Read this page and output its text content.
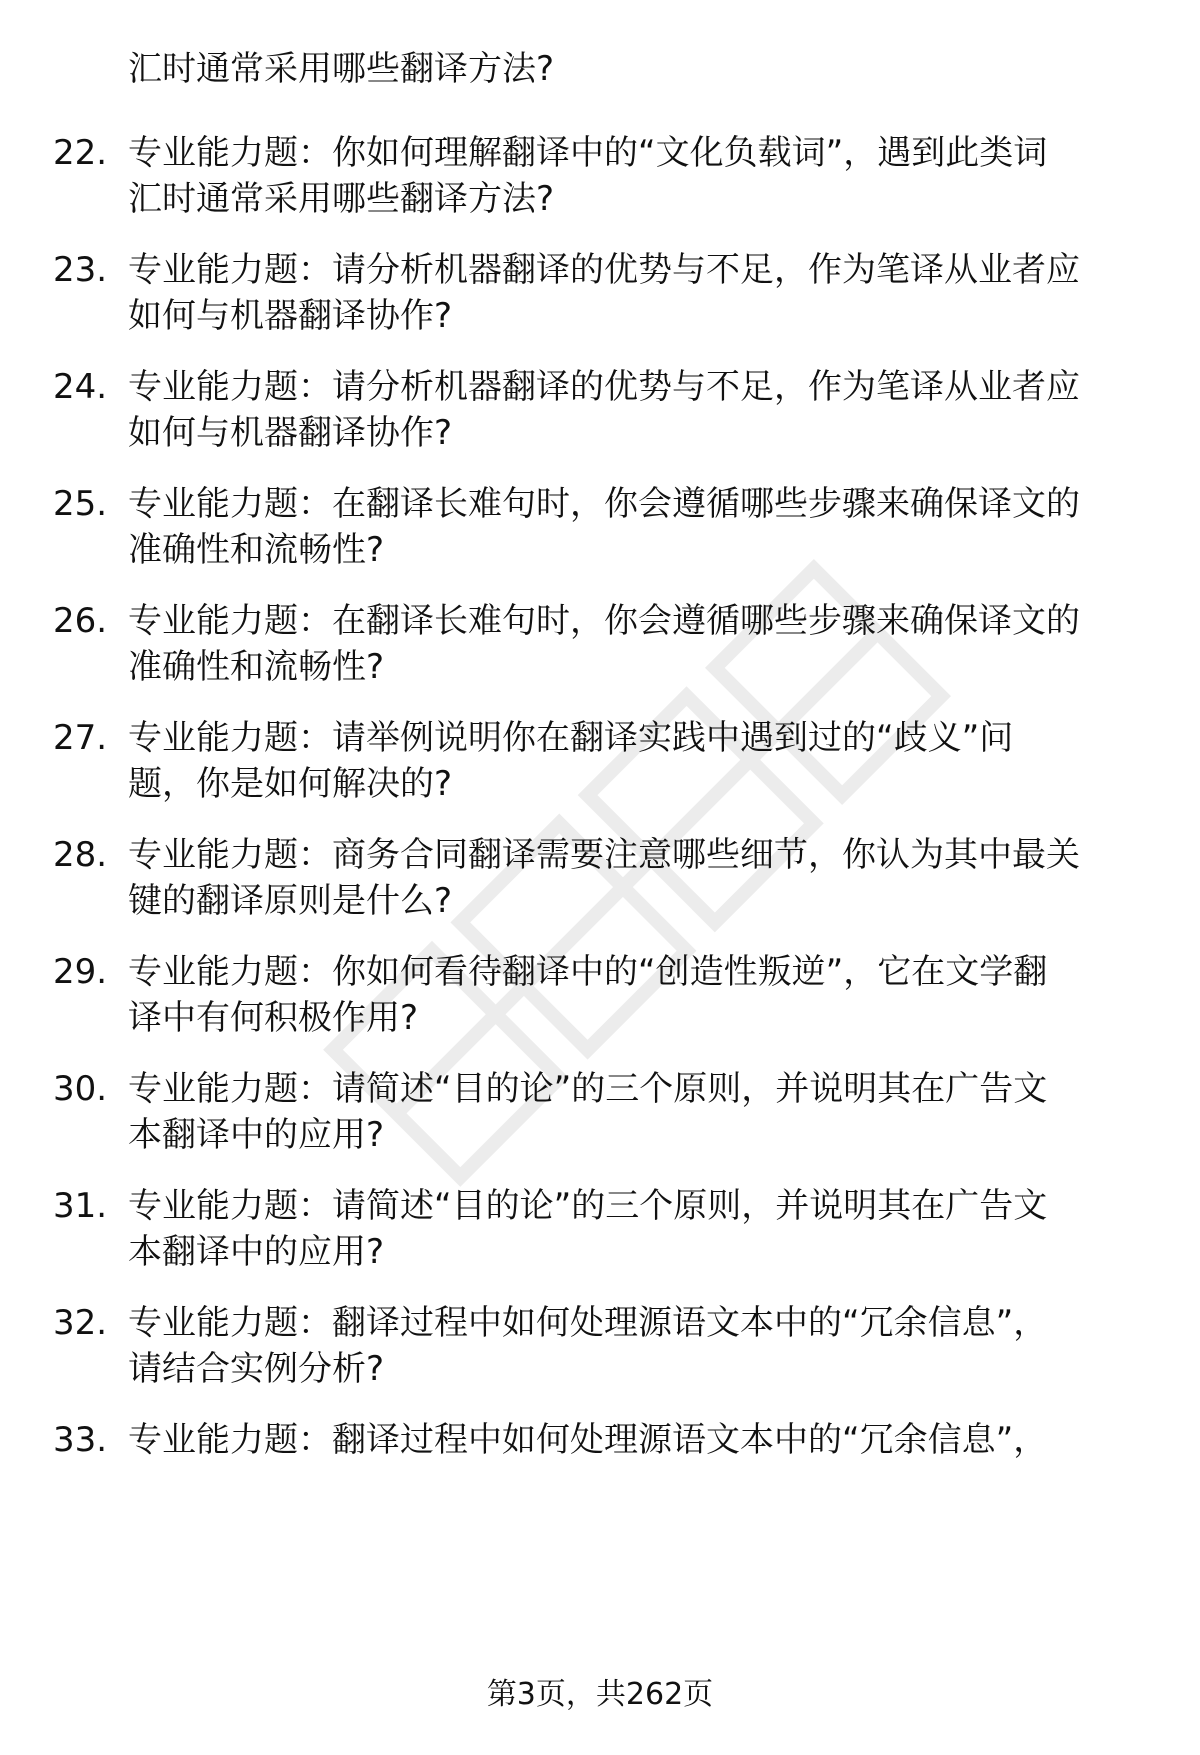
汇时通常采用哪些翻译方法?
22. 专业能力题：你如何理解翻译中的“文化负载词”，遇到此类词
汇时通常采用哪些翻译方法?
23. 专业能力题：请分析机器翻译的优势与不足，作为笔译从业者应
如何与机器翻译协作?
24. 专业能力题：请分析机器翻译的优势与不足，作为笔译从业者应
如何与机器翻译协作?
25. 专业能力题：在翻译长难句时，你会遵循哪些步骤来确保译文的
准确性和流畅性?
26. 专业能力题：在翻译长难句时，你会遵循哪些步骤来确保译文的
准确性和流畅性?
27. 专业能力题：请举例说明你在翻译实践中遇到过的“歧义”问
题，你是如何解决的?
28. 专业能力题：商务合同翻译需要注意哪些细节，你认为其中最关
键的翻译原则是什么?
29. 专业能力题：你如何看待翻译中的“创造性叛逆”，它在文学翻
译中有何积极作用?
30. 专业能力题：请简述“目的论”的三个原则，并说明其在广告文
本翻译中的应用?
31. 专业能力题：请简述“目的论”的三个原则，并说明其在广告文
本翻译中的应用?
32. 专业能力题：翻译过程中如何处理源语文本中的“冗余信息”，
请结合实例分析?
33. 专业能力题：翻译过程中如何处理源语文本中的“冗余信息”，
第3页，共262页
